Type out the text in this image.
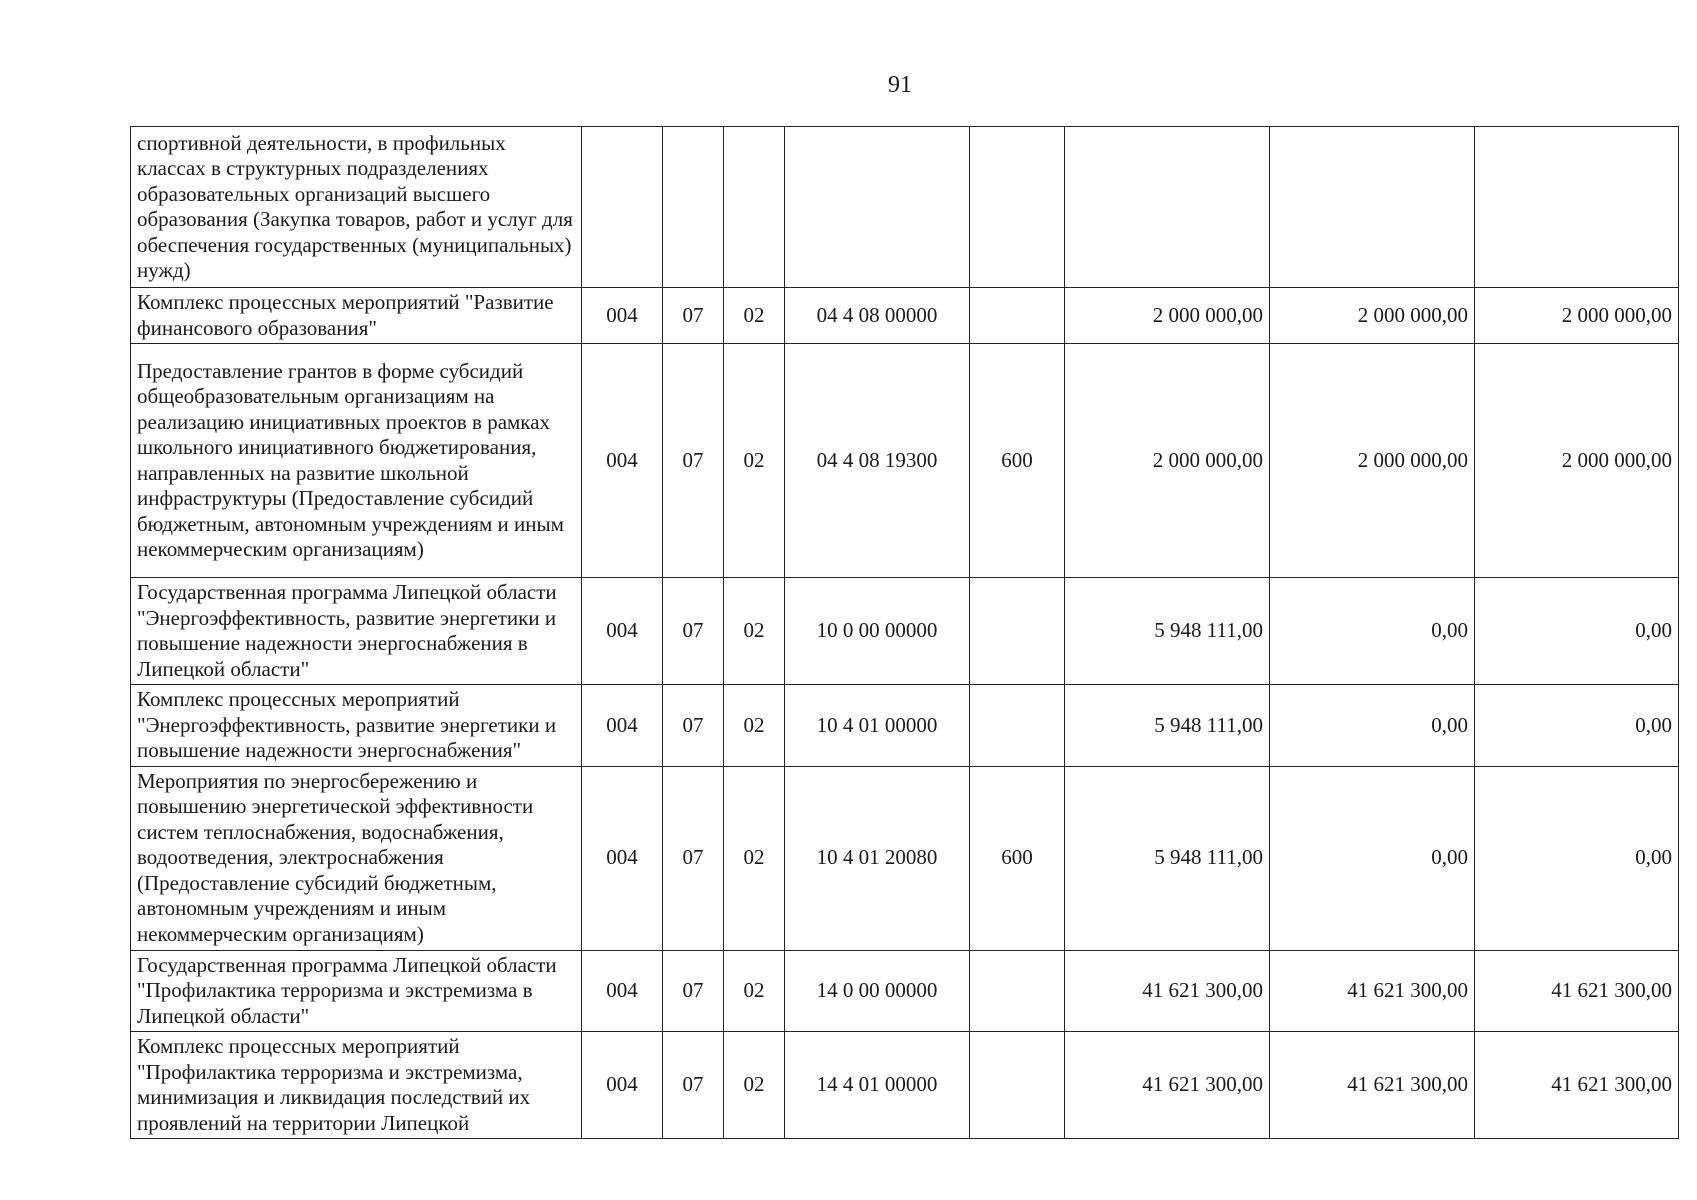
91
спортивной деятельности, в профильных классах в структурных подразделениях образовательных организаций высшего образования (Закупка товаров, работ и услуг для обеспечения государственных (муниципальных) нужд)								
Комплекс процессных мероприятий "Развитие финансового образования"	004	07	02	04 4 08 00000		2 000 000,00	2 000 000,00	2 000 000,00
Предоставление грантов в форме субсидий общеобразовательным организациям на реализацию инициативных проектов в рамках школьного инициативного бюджетирования, направленных на развитие школьной инфраструктуры (Предоставление субсидий бюджетным, автономным учреждениям и иным некоммерческим организациям)	004	07	02	04 4 08 19300	600	2 000 000,00	2 000 000,00	2 000 000,00
Государственная программа Липецкой области "Энергоэффективность, развитие энергетики и повышение надежности энергоснабжения в Липецкой области"	004	07	02	10 0 00 00000		5 948 111,00	0,00	0,00
Комплекс процессных мероприятий "Энергоэффективность, развитие энергетики и повышение надежности энергоснабжения"	004	07	02	10 4 01 00000		5 948 111,00	0,00	0,00
Мероприятия по энергосбережению и повышению энергетической эффективности систем теплоснабжения, водоснабжения, водоотведения, электроснабжения (Предоставление субсидий бюджетным, автономным учреждениям и иным некоммерческим организациям)	004	07	02	10 4 01 20080	600	5 948 111,00	0,00	0,00
Государственная программа Липецкой области "Профилактика терроризма и экстремизма в Липецкой области"	004	07	02	14 0 00 00000		41 621 300,00	41 621 300,00	41 621 300,00
Комплекс процессных мероприятий "Профилактика терроризма и экстремизма, минимизация и ликвидация последствий их проявлений на территории Липецкой	004	07	02	14 4 01 00000		41 621 300,00	41 621 300,00	41 621 300,00
